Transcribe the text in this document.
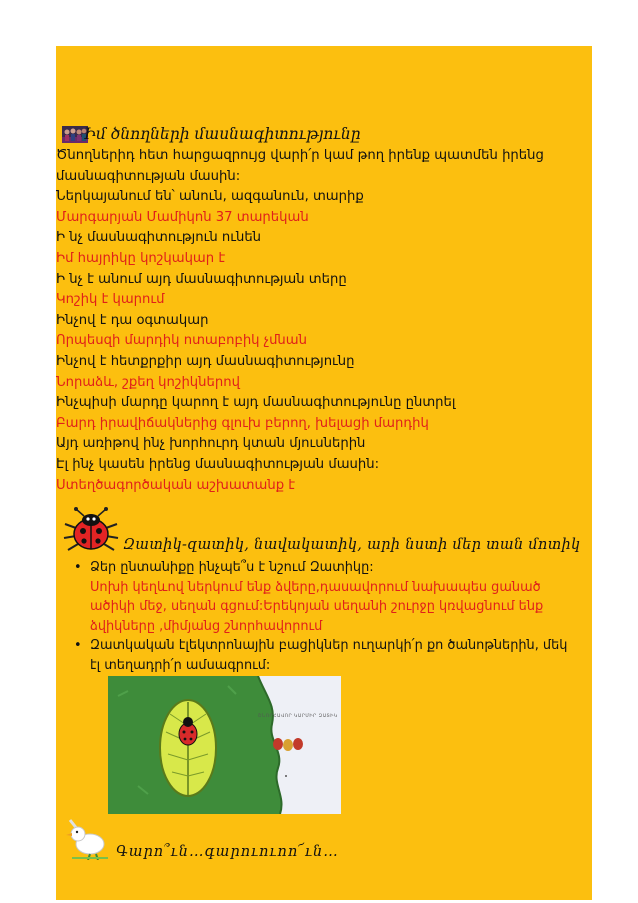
Իմ ծնողների մասնագիտությունը
Ծնողներիդ հետ հարցազրույց վարի՛ր կամ թող իրենք պատմեն իրենց
մասնագիտության մասին:
Ներկայանում են՝ անուն, ազգանուն, տարիք
Մարգարյան Մամիկոն 37 տարեկան
Ի նչ մասնագիտություն ունեն
Իմ հայրիկը կոշկակար է
Ի նչ է անում այդ մասնագիտության տերը
Կոշիկ է կարում
Ինչով է դա օգտակար
Որպեսզի մարդիկ ոտաբոբիկ չմնան
Ինչով է հետքրքիր այդ մասնագիտությունը
Նորաձև, շքեղ կոշիկներով
Ինչպիսի մարդը կարող է այդ մասնագիտությունը ընտրել
Բարդ իրավիճակներից գլուխ բերող, խելացի մարդիկ
Այդ առիթով ինչ խորհուրդ կտան մյուսներին
Էլ ինչ կասեն իրենց մասնագիտության մասին:
Ստեղծագործական աշխատանք է
Զատիկ-զատիկ, նավակատիկ, արի նստի մեր տան մոտիկ
• Ձեր ընտանիքը ինչպե՞ս է նշում Զատիկը:
Սոխի կեղևով ներկում ենք ձվերը,դասավորում նախապես ցանած
ածիկի մեջ, սեղան գցում:Երեկոյան սեղանի շուրջը կռվացնում ենք
ձվիկները ,միմյանց շնորհավորում
• Զատկական էլեկտրոնային բացիկներ ուղարկի՛ր քո ծանոթներին, մեկ
էլ տեղադրի՛ր ամսագրում:
ՇՆՈՐՀԱՎՈՐ ԿԱՐՄԻՐ ԶԱՏԻԿ
Գարո՞ւն…գարուուոո՜ւն…
